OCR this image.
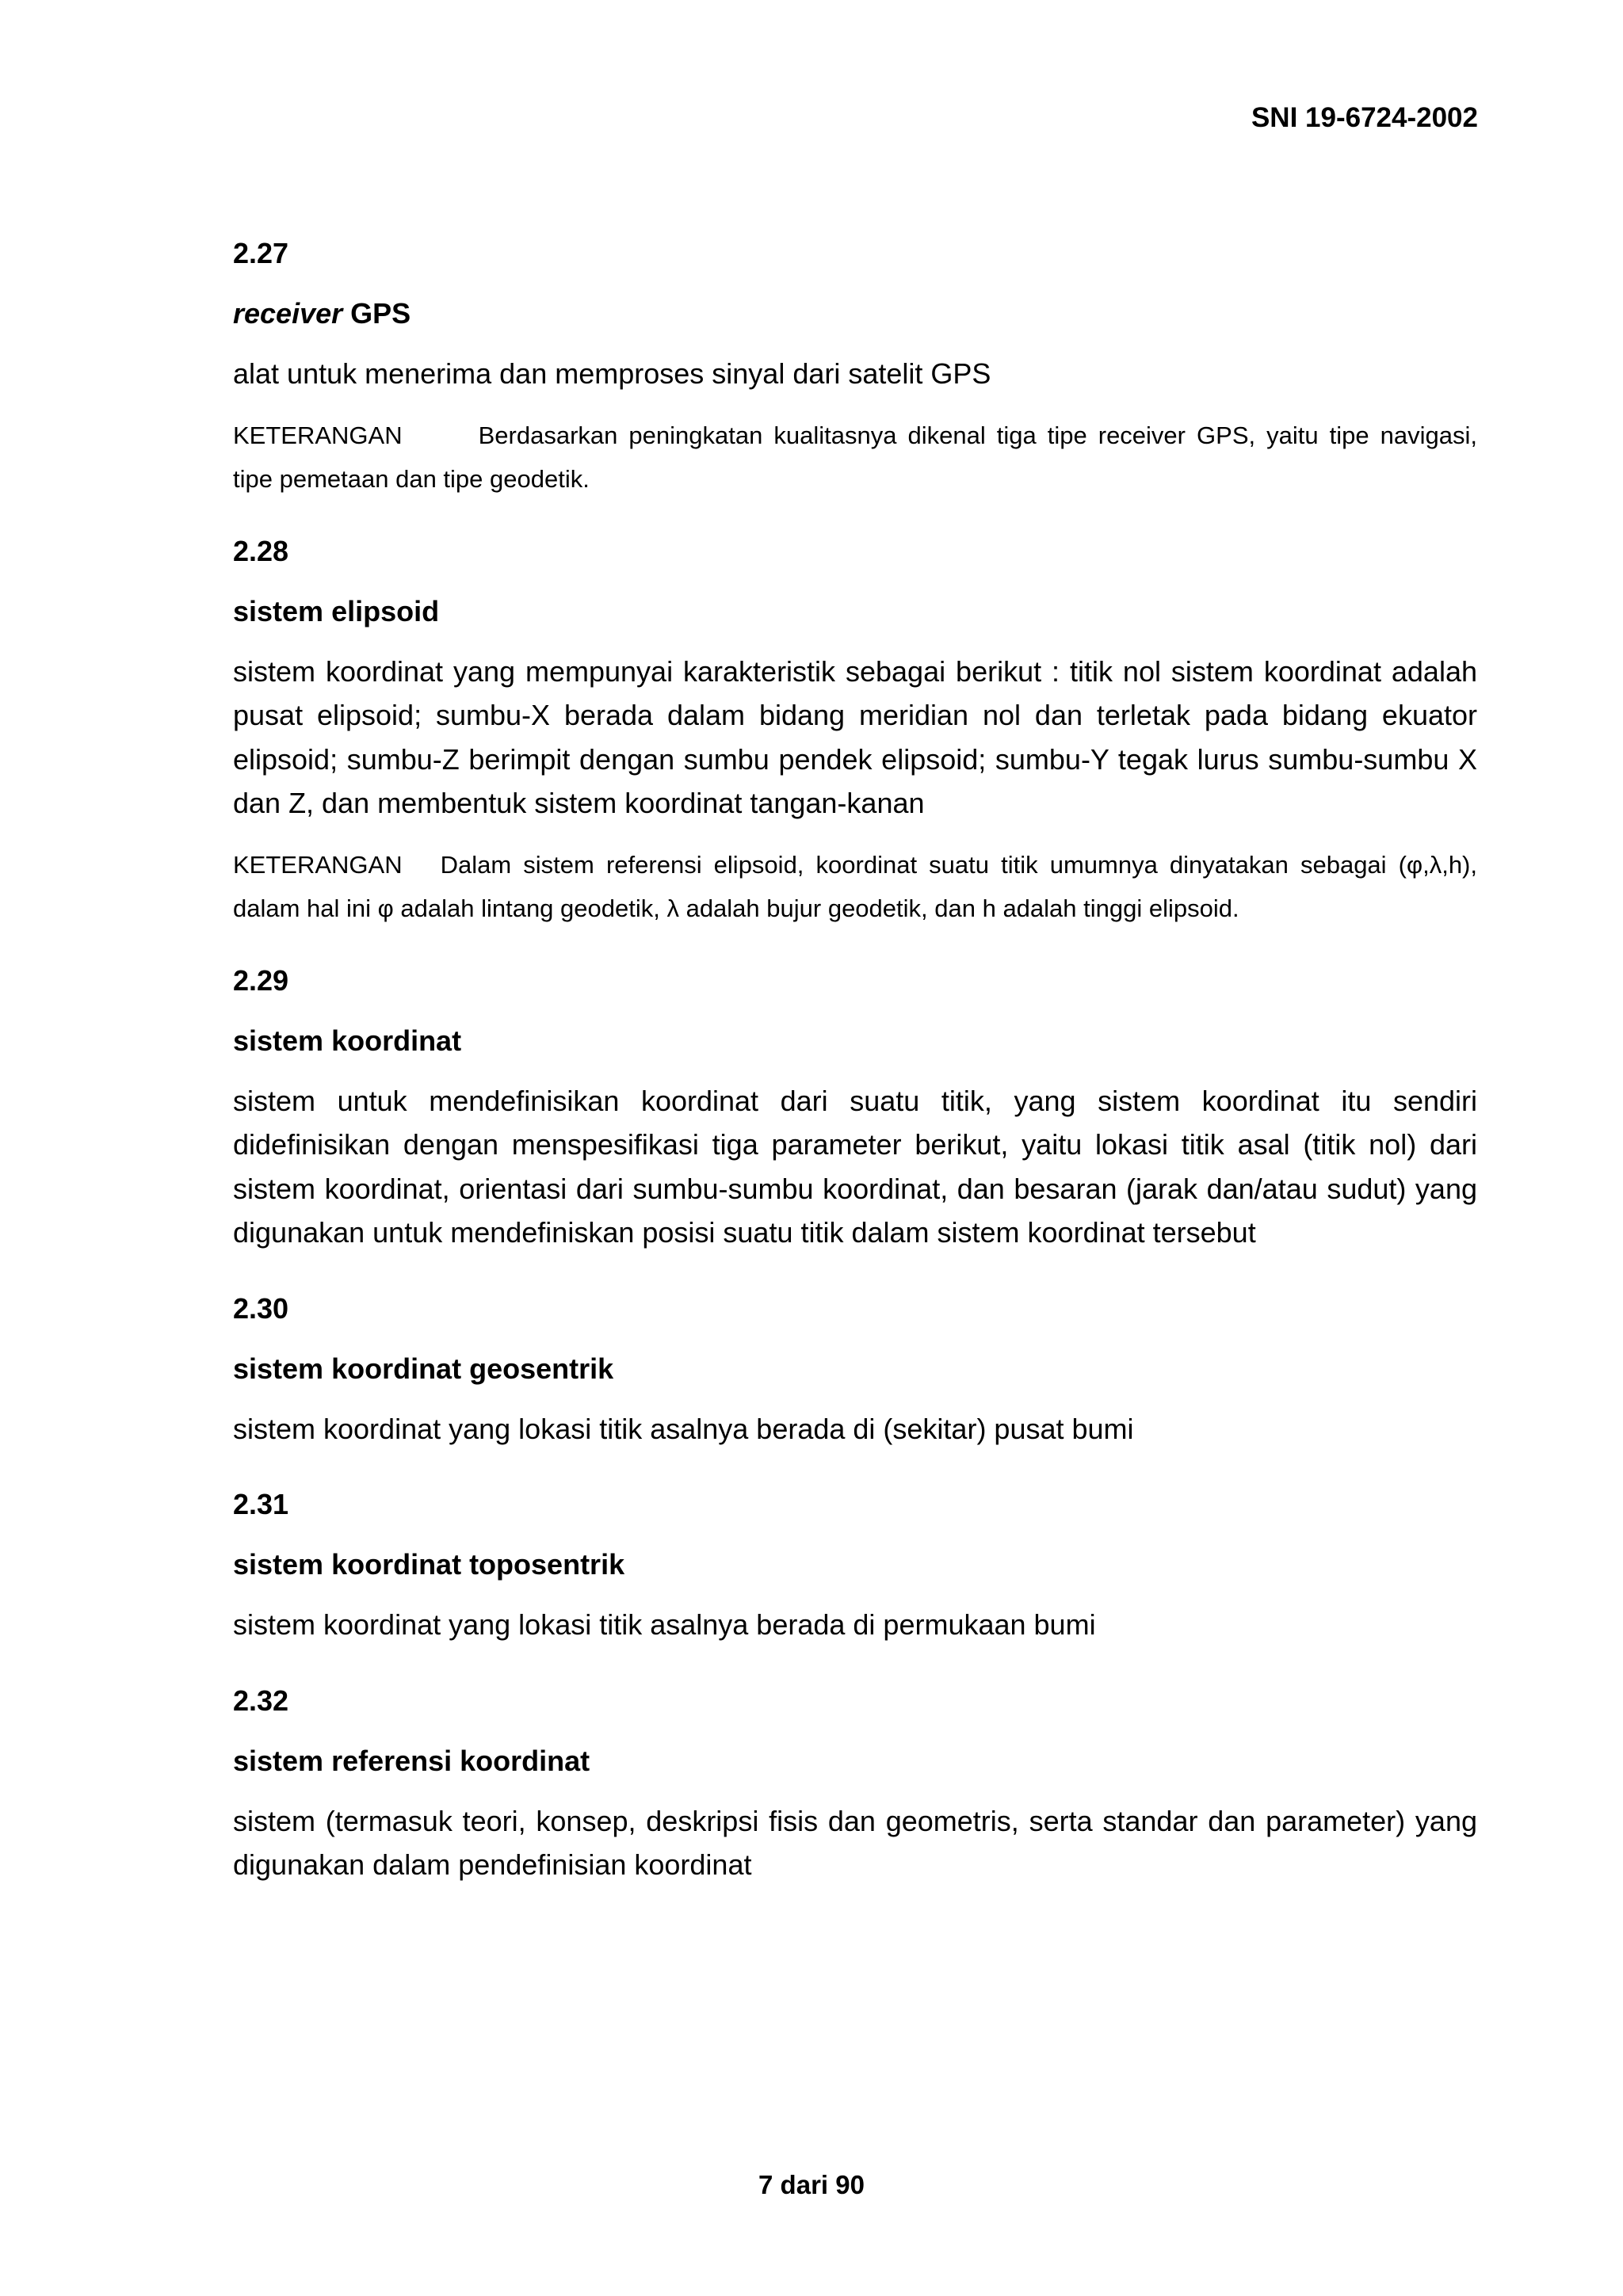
SNI 19-6724-2002

2.27

receiver GPS

alat untuk menerima dan memproses sinyal dari satelit GPS

KETERANGAN	Berdasarkan peningkatan kualitasnya dikenal tiga tipe receiver GPS, yaitu tipe navigasi, tipe pemetaan dan tipe geodetik.

2.28

sistem elipsoid

sistem koordinat yang mempunyai karakteristik sebagai berikut : titik nol sistem koordinat adalah pusat elipsoid; sumbu-X berada dalam bidang meridian nol dan terletak pada bidang ekuator elipsoid; sumbu-Z berimpit dengan sumbu pendek elipsoid; sumbu-Y tegak lurus sumbu-sumbu X dan Z, dan membentuk sistem koordinat tangan-kanan

KETERANGAN Dalam sistem referensi elipsoid, koordinat suatu titik umumnya dinyatakan sebagai (φ,λ,h), dalam hal ini φ adalah lintang geodetik, λ adalah bujur geodetik, dan h adalah tinggi elipsoid.

2.29

sistem koordinat

sistem untuk mendefinisikan koordinat dari suatu titik, yang sistem koordinat itu sendiri didefinisikan dengan menspesifikasi tiga parameter berikut, yaitu lokasi titik asal (titik nol) dari sistem koordinat, orientasi dari sumbu-sumbu koordinat, dan besaran (jarak dan/atau sudut) yang digunakan untuk mendefiniskan posisi suatu titik dalam sistem koordinat tersebut

2.30

sistem koordinat geosentrik

sistem koordinat yang lokasi titik asalnya berada di (sekitar) pusat bumi

2.31

sistem koordinat toposentrik

sistem koordinat yang lokasi titik asalnya berada di permukaan bumi

2.32

sistem referensi koordinat

sistem (termasuk teori, konsep, deskripsi fisis dan geometris, serta standar dan parameter) yang digunakan dalam pendefinisian koordinat

7 dari 90
